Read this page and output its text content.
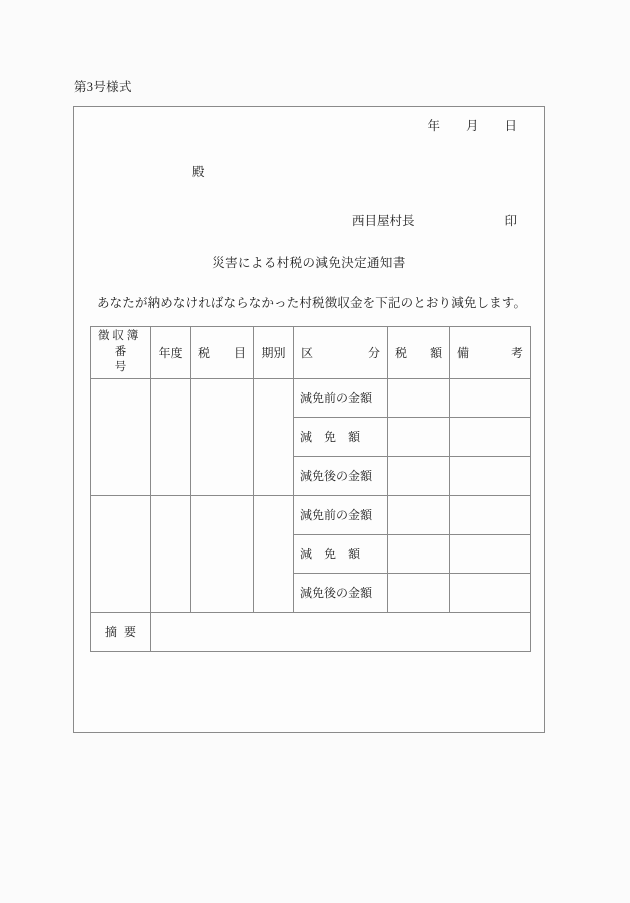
第3号様式
年 月 日
殿
西目屋村長	印
災害による村税の減免決定通知書
あなたが納めなければならなかった村税徴収金を下記のとおり減免します。
徴 収 簿
番　　号	年度	税 目	期別	区 分	税 額	備 考

				減免前の金額		
				減　免　額		
				減免後の金額		
				減免前の金額		
				減　免　額		
				減免後の金額		

摘 要						
